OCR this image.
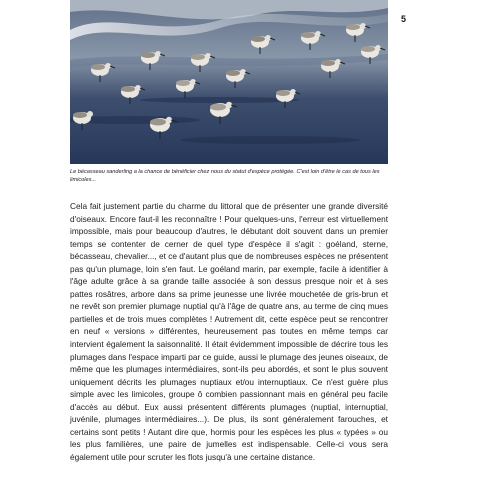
5
Le bécasseau sanderling a la chance de bénéficier chez nous du statut d'espèce protégée. C'est loin d'être le cas de tous les limicoles...

Cela fait justement partie du charme du littoral que de présenter une grande diversité d'oiseaux. Encore faut-il les reconnaître ! Pour quelques-uns, l'erreur est virtuellement impossible, mais pour beaucoup d'autres, le débutant doit souvent dans un premier temps se contenter de cerner de quel type d'espèce il s'agit : goéland, sterne, bécasseau, chevalier..., et ce d'autant plus que de nombreuses espèces ne présentent pas qu'un plumage, loin s'en faut. Le goéland marin, par exemple, facile à identifier à l'âge adulte grâce à sa grande taille associée à son dessus presque noir et à ses pattes rosâtres, arbore dans sa prime jeunesse une livrée mouchetée de gris-brun et ne revêt son premier plumage nuptial qu'à l'âge de quatre ans, au terme de cinq mues partielles et de trois mues complètes ! Autrement dit, cette espèce peut se rencontrer en neuf « versions » différentes, heureusement pas toutes en même temps car intervient également la saisonnalité. Il était évidemment impossible de décrire tous les plumages dans l'espace imparti par ce guide, aussi le plumage des jeunes oiseaux, de même que les plumages intermédiaires, sont-ils peu abordés, et sont le plus souvent uniquement décrits les plumages nuptiaux et/ou internuptiaux. Ce n'est guère plus simple avec les limicoles, groupe ô combien passionnant mais en général peu facile d'accès au début. Eux aussi présentent différents plumages (nuptial, internuptial, juvénile, plumages intermédiaires...). De plus, ils sont généralement farouches, et certains sont petits ! Autant dire que, hormis pour les espèces les plus « typées » ou les plus familières, une paire de jumelles est indispensable. Celle-ci vous sera également utile pour scruter les flots jusqu'à une certaine distance.
